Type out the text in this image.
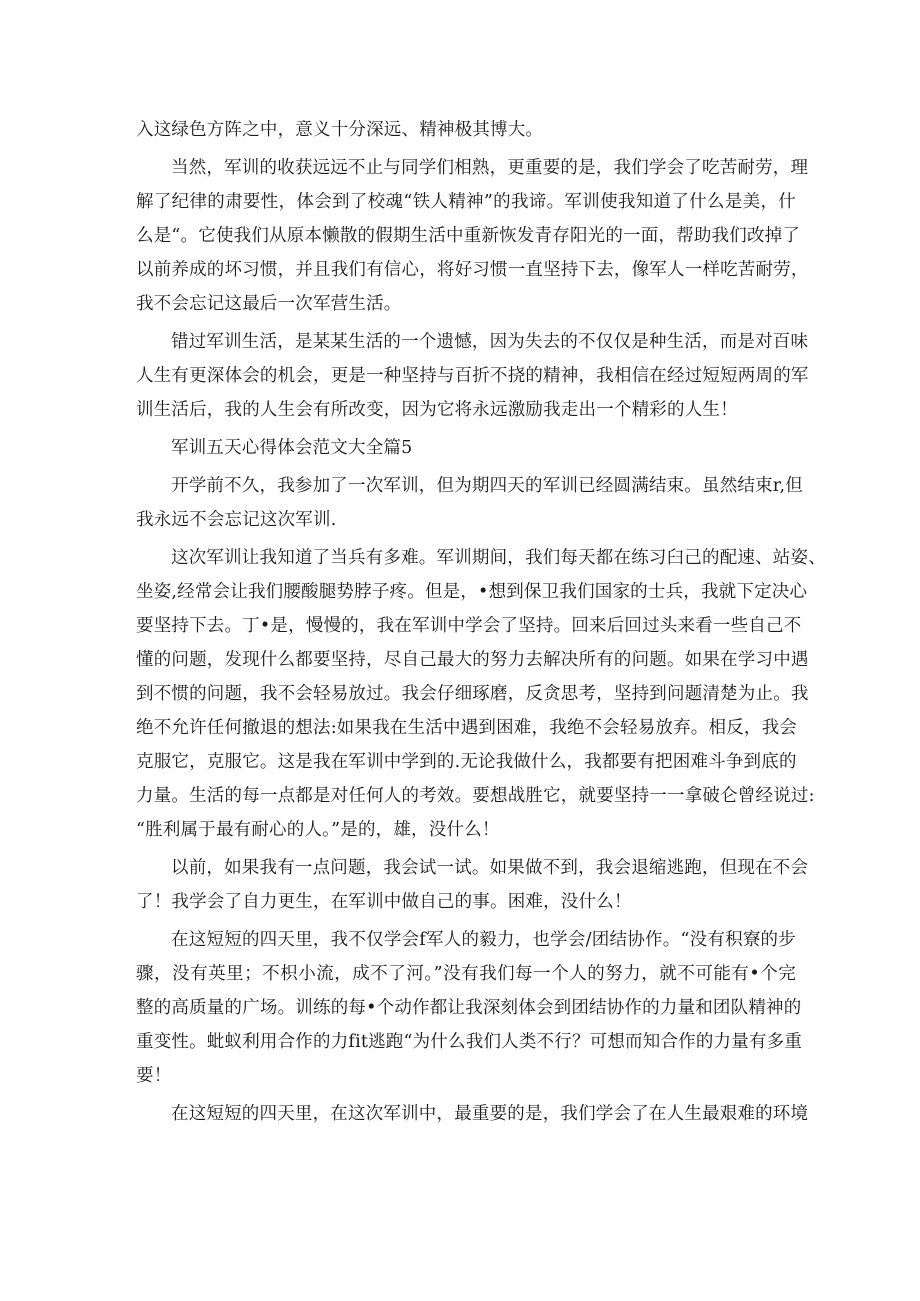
入这绿色方阵之中，意义十分深远、精神极其博大。
当然，军训的收获远远不止与同学们相熟，更重要的是，我们学会了吃苦耐劳，理
解了纪律的肃要性，体会到了校魂“铁人精神”的我谛。军训使我知道了什么是美，什
么是“。它使我们从原本懒散的假期生活中重新恢发青存阳光的一面，帮助我们改掉了
以前养成的坏习惯，并且我们有信心，将好习惯一直坚持下去，像军人一样吃苦耐劳，
我不会忘记这最后一次军营生活。
错过军训生活，是某某生活的一个遗憾，因为失去的不仅仅是种生活，而是对百味
人生有更深体会的机会，更是一种坚持与百折不挠的精神，我相信在经过短短两周的军
训生活后，我的人生会有所改变，因为它将永远激励我走出一个精彩的人生！
军训五天心得体会范文大全篇5
开学前不久，我参加了一次军训，但为期四天的军训已经圆满结束。虽然结束r,但
我永远不会忘记这次军训.
这次军训让我知道了当兵有多难。军训期间，我们每天都在练习臼己的配速、站姿、
坐姿,经常会让我们腰酸腿势脖子疼。但是，•想到保卫我们国家的士兵，我就下定决心
要坚持下去。丁•是，慢慢的，我在军训中学会了坚持。回来后回过头来看一些自己不
懂的问题，发现什么都要坚持，尽自己最大的努力去解决所有的问题。如果在学习中遇
到不惯的问题，我不会轻易放过。我会仔细琢磨，反贪思考，坚持到问题清楚为止。我
绝不允许任何撤退的想法:如果我在生活中遇到困难，我绝不会轻易放弃。相反，我会
克服它，克服它。这是我在军训中学到的.无论我做什么，我都要有把困难斗争到底的
力量。生活的每一点都是对任何人的考效。要想战胜它，就要坚持一一拿破仑曾经说过:
“胜利属于最有耐心的人。”是的，雄，没什么！
以前，如果我有一点问题，我会试一试。如果做不到，我会退缩逃跑，但现在不会
了！我学会了自力更生，在军训中做自己的事。困难，没什么！
在这短短的四天里，我不仅学会f军人的毅力，也学会/团结协作。“没有积寮的步
骤，没有英里；不枳小流，成不了河。”没有我们每一个人的努力，就不可能有•个完
整的高质量的广场。训练的每•个动作都让我深刻体会到团结协作的力量和团队精神的
重变性。蚍蚁利用合作的力fit逃跑“为什么我们人类不行？可想而知合作的力量有多重
要！
在这短短的四天里，在这次军训中，最重要的是，我们学会了在人生最艰难的环境
